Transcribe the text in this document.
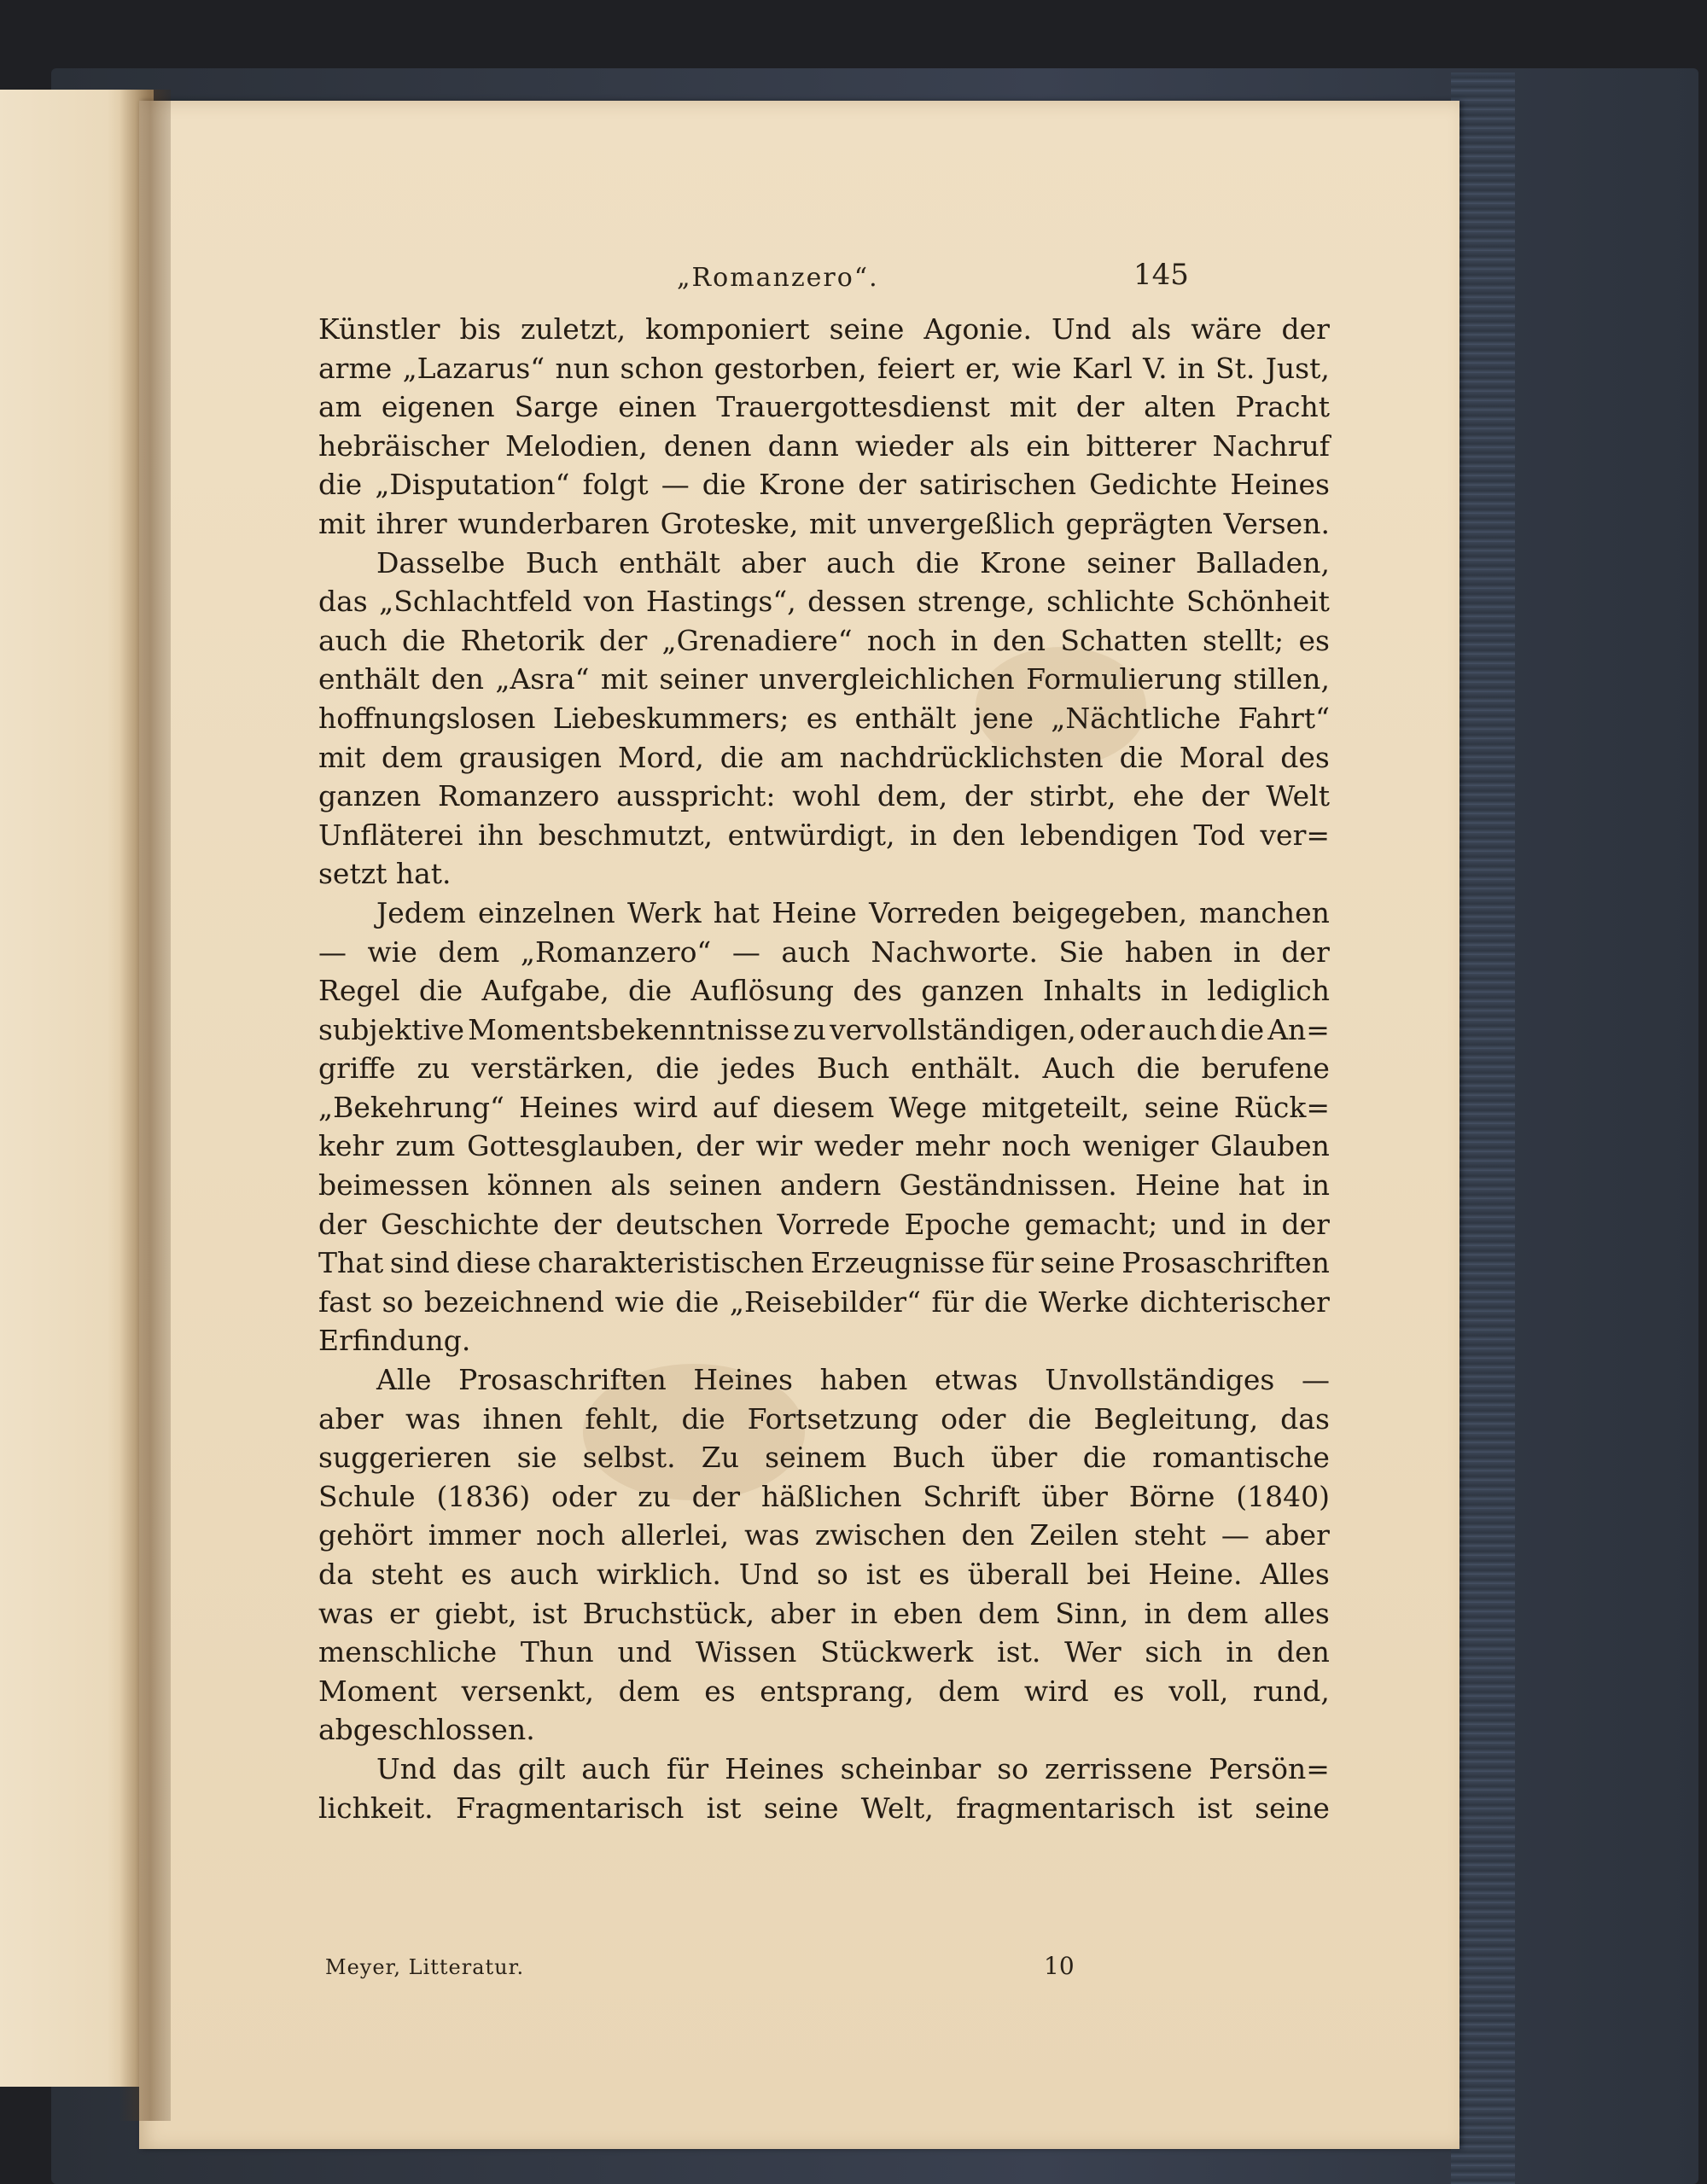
„Romanzero“.	145
Künstler bis zuletzt, komponiert seine Agonie. Und als wäre der
arme „Lazarus“ nun schon gestorben, feiert er, wie Karl V. in St. Just,
am eigenen Sarge einen Trauergottesdienst mit der alten Pracht
hebräischer Melodien, denen dann wieder als ein bitterer Nachruf
die „Disputation“ folgt — die Krone der satirischen Gedichte Heines
mit ihrer wunderbaren Groteske, mit unvergeßlich geprägten Versen.
Dasselbe Buch enthält aber auch die Krone seiner Balladen,
das „Schlachtfeld von Hastings“, dessen strenge, schlichte Schönheit
auch die Rhetorik der „Grenadiere“ noch in den Schatten stellt; es
enthält den „Asra“ mit seiner unvergleichlichen Formulierung stillen,
hoffnungslosen Liebeskummers; es enthält jene „Nächtliche Fahrt“
mit dem grausigen Mord, die am nachdrücklichsten die Moral des
ganzen Romanzero ausspricht: wohl dem, der stirbt, ehe der Welt
Unfläterei ihn beschmutzt, entwürdigt, in den lebendigen Tod ver=
setzt hat.
Jedem einzelnen Werk hat Heine Vorreden beigegeben, manchen
— wie dem „Romanzero“ — auch Nachworte. Sie haben in der
Regel die Aufgabe, die Auflösung des ganzen Inhalts in lediglich
subjektive Momentsbekenntnisse zu vervollständigen, oder auch die An=
griffe zu verstärken, die jedes Buch enthält. Auch die berufene
„Bekehrung“ Heines wird auf diesem Wege mitgeteilt, seine Rück=
kehr zum Gottesglauben, der wir weder mehr noch weniger Glauben
beimessen können als seinen andern Geständnissen. Heine hat in
der Geschichte der deutschen Vorrede Epoche gemacht; und in der
That sind diese charakteristischen Erzeugnisse für seine Prosaschriften
fast so bezeichnend wie die „Reisebilder“ für die Werke dichterischer
Erfindung.
Alle Prosaschriften Heines haben etwas Unvollständiges —
aber was ihnen fehlt, die Fortsetzung oder die Begleitung, das
suggerieren sie selbst. Zu seinem Buch über die romantische
Schule (1836) oder zu der häßlichen Schrift über Börne (1840)
gehört immer noch allerlei, was zwischen den Zeilen steht — aber
da steht es auch wirklich. Und so ist es überall bei Heine. Alles
was er giebt, ist Bruchstück, aber in eben dem Sinn, in dem alles
menschliche Thun und Wissen Stückwerk ist. Wer sich in den
Moment versenkt, dem es entsprang, dem wird es voll, rund,
abgeschlossen.
Und das gilt auch für Heines scheinbar so zerrissene Persön=
lichkeit. Fragmentarisch ist seine Welt, fragmentarisch ist seine
Meyer, Litteratur.	10
